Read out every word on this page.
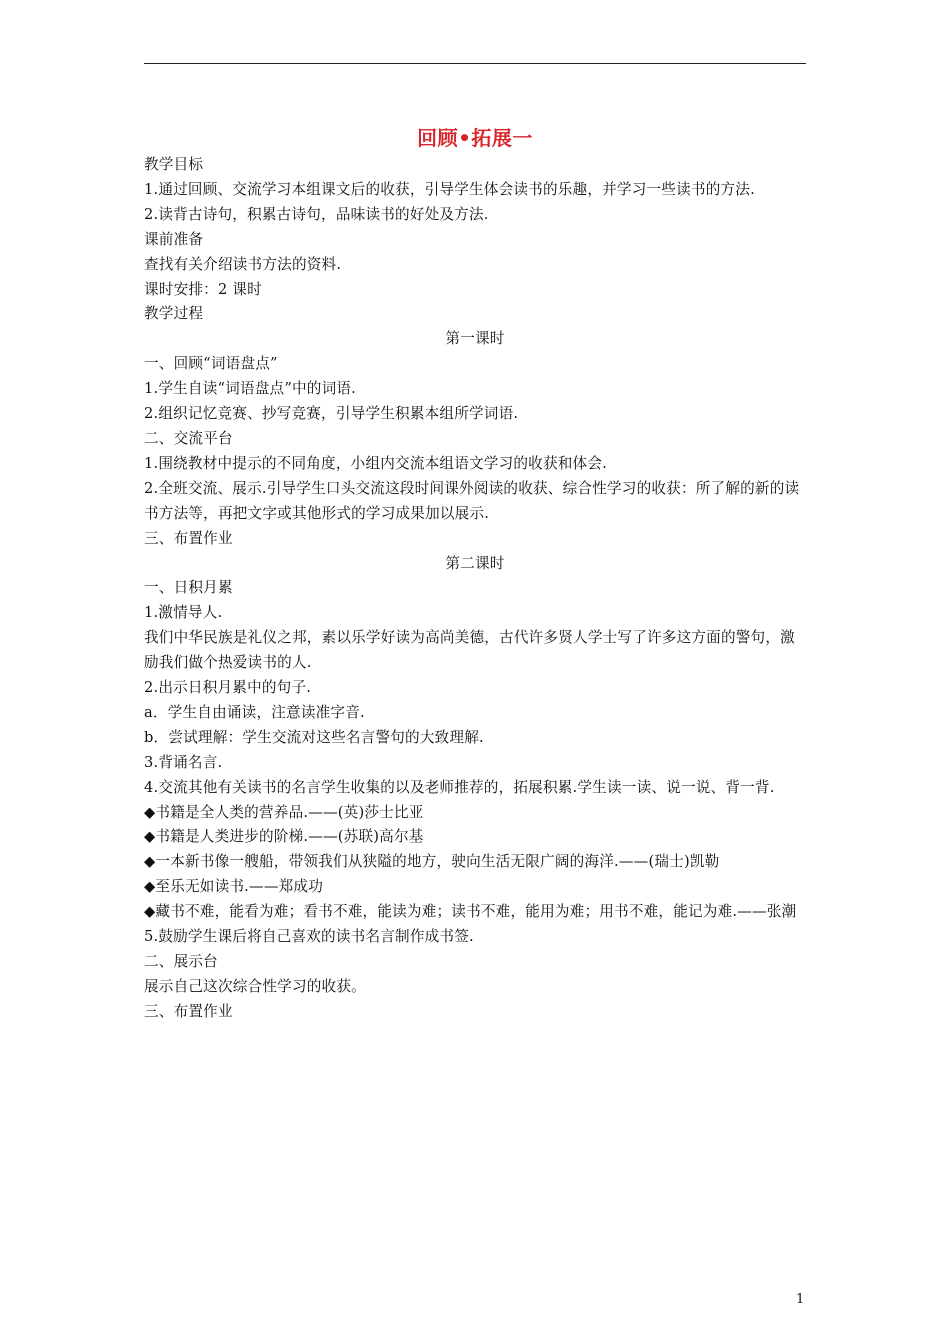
回顾•拓展一

教学目标

1.通过回顾、交流学习本组课文后的收获，引导学生体会读书的乐趣，并学习一些读书的方法.

2.读背古诗句，积累古诗句，品味读书的好处及方法.

课前准备

查找有关介绍读书方法的资料.

课时安排：2 课时

教学过程

第一课时

一、回顾“词语盘点”

1.学生自读“词语盘点”中的词语.

2.组织记忆竞赛、抄写竞赛，引导学生积累本组所学词语.

二、交流平台

1.围绕教材中提示的不同角度，小组内交流本组语文学习的收获和体会.

2.全班交流、展示.引导学生口头交流这段时间课外阅读的收获、综合性学习的收获：所了解的新的读书方法等，再把文字或其他形式的学习成果加以展示.

三、布置作业

第二课时

一、日积月累

1.激情导人.

我们中华民族是礼仪之邦，素以乐学好读为高尚美德，古代许多贤人学士写了许多这方面的警句，激励我们做个热爱读书的人.

2.出示日积月累中的句子.

a．学生自由诵读，注意读准字音.

b．尝试理解：学生交流对这些名言警句的大致理解.

3.背诵名言.

4.交流其他有关读书的名言学生收集的以及老师推荐的，拓展积累.学生读一读、说一说、背一背.

◆书籍是全人类的营养品.——(英)莎士比亚

◆书籍是人类进步的阶梯.——(苏联)高尔基

◆一本新书像一艘船，带领我们从狭隘的地方，驶向生活无限广阔的海洋.——(瑞士)凯勒

◆至乐无如读书.——郑成功

◆藏书不难，能看为难；看书不难，能读为难；读书不难，能用为难；用书不难，能记为难.——张潮

5.鼓励学生课后将自己喜欢的读书名言制作成书签.

二、展示台

展示自己这次综合性学习的收获。

三、布置作业

1
